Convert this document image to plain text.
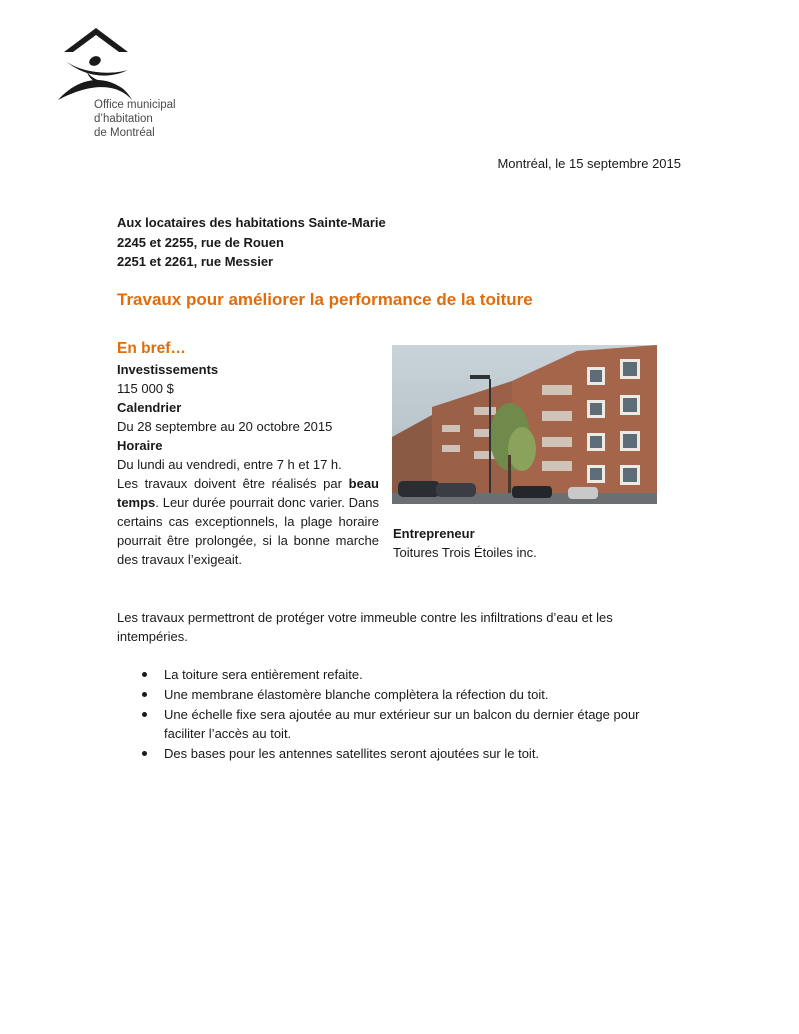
Office municipal
d’habitation
de Montréal
Montréal, le 15 septembre 2015
Aux locataires des habitations Sainte-Marie
2245 et 2255, rue de Rouen
2251 et 2261, rue Messier
Travaux pour améliorer la performance de la toiture
En bref…
Investissements
115 000 $
Calendrier
Du 28 septembre au 20 octobre 2015
Horaire
Du lundi au vendredi, entre 7 h et 17 h.
Les travaux doivent être réalisés par beau temps. Leur durée pourrait donc varier. Dans certains cas exceptionnels, la plage horaire pourrait être prolongée, si la bonne marche des travaux l’exigeait.
Entrepreneur
Toitures Trois Étoiles inc.
Les travaux permettront de protéger votre immeuble contre les infiltrations d’eau et les intempéries.
La toiture sera entièrement refaite.
Une membrane élastomère blanche complètera la réfection du toit.
Une échelle fixe sera ajoutée au mur extérieur sur un balcon du dernier étage pour faciliter l’accès au toit.
Des bases pour les antennes satellites seront ajoutées sur le toit.
